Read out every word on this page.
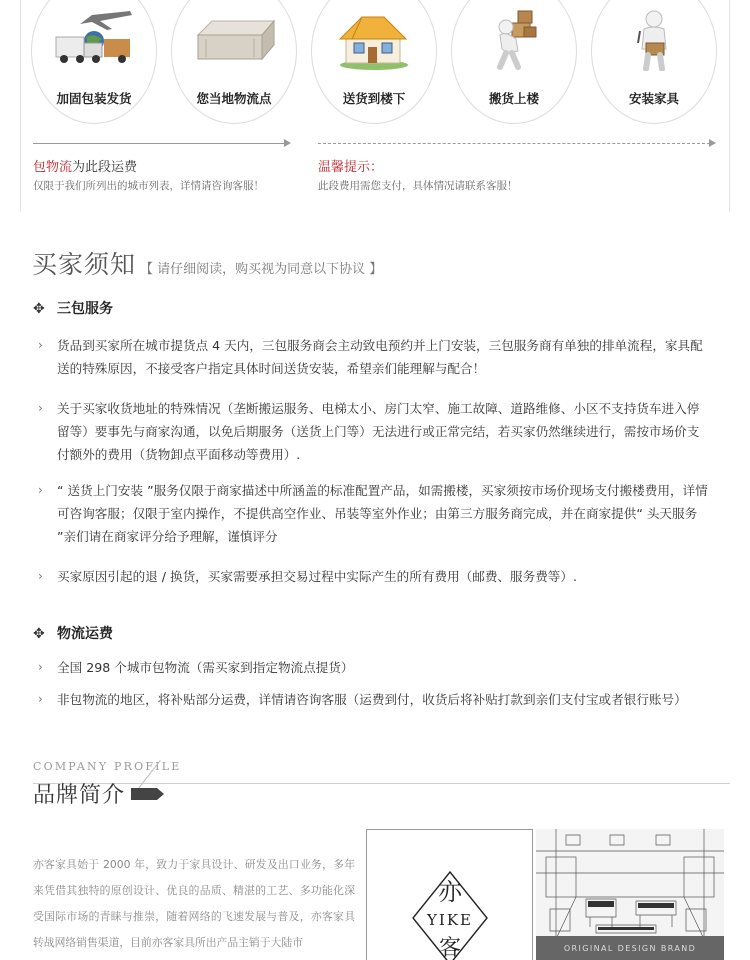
加固包装发货	您当地物流点	送货到楼下	搬货上楼	安装家具
包物流为此段运费
仅限于我们所列出的城市列表，详情请咨询客服！
温馨提示：
此段费用需您支付，具体情况请联系客服！
买家须知 【 请仔细阅读，购买视为同意以下协议 】
✥ 三包服务
›	货品到买家所在城市提货点 4 天内，三包服务商会主动致电预约并上门安装，三包服务商有单独的排单流程，家具配送的特殊原因，不接受客户指定具体时间送货安装，希望亲们能理解与配合！
›	关于买家收货地址的特殊情况（垄断搬运服务、电梯太小、房门太窄、施工故障、道路维修、小区不支持货车进入停留等）要事先与商家沟通，以免后期服务（送货上门等）无法进行或正常完结，若买家仍然继续进行，需按市场价支付额外的费用（货物卸点平面移动等费用）.
›	“ 送货上门安装 ”服务仅限于商家描述中所涵盖的标准配置产品，如需搬楼，买家须按市场价现场支付搬楼费用，详情可咨询客服；仅限于室内操作，不提供高空作业、吊装等室外作业；由第三方服务商完成，并在商家提供“ 头天服务 ”亲们请在商家评分给予理解，谨慎评分
›	买家原因引起的退 / 换货，买家需要承担交易过程中实际产生的所有费用（邮费、服务费等）.
✥ 物流运费
›	全国 298 个城市包物流（需买家到指定物流点提货）
›	非包物流的地区，将补贴部分运费，详情请咨询客服（运费到付，收货后将补贴打款到亲们支付宝或者银行账号）
COMPANY PROFILE
品牌简介
亦客家具始于 2000 年，致力于家具设计、研发及出口业务，多年来凭借其独特的原创设计、优良的品质、精湛的工艺、多功能化深受国际市场的青睐与推崇，随着网络的飞速发展与普及，亦客家具转战网络销售渠道，目前亦客家具所出产品主销于大陆市
亦
YIKE
客	ORIGINAL DESIGN BRAND
